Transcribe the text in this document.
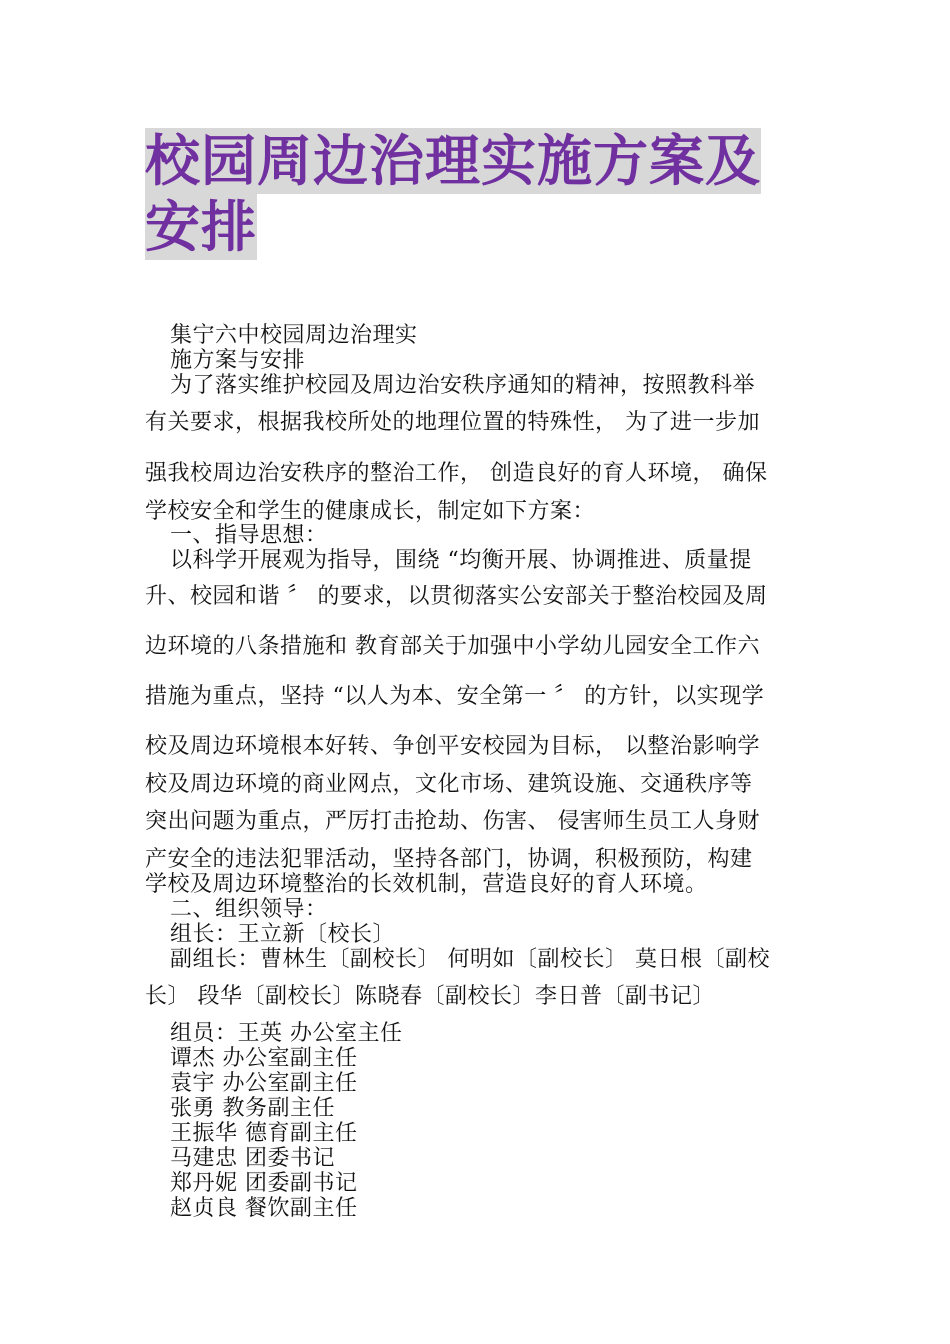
校园周边治理实施方案及
安排
集宁六中校园周边治理实
施方案与安排
为了落实维护校园及周边治安秩序通知的精神，按照教科举
有关要求，根据我校所处的地理位置的特殊性， 为了进一步加
强我校周边治安秩序的整治工作， 创造良好的育人环境， 确保
学校安全和学生的健康成长，制定如下方案：
一、指导思想：
以科学开展观为指导，围绕 “均衡开展、协调推进、质量提
升、校园和谐 〞 的要求，以贯彻落实公安部关于整治校园及周
边环境的八条措施和 教育部关于加强中小学幼儿园安全工作六
措施为重点，坚持 “以人为本、安全第一 〞 的方针，以实现学
校及周边环境根本好转、争创平安校园为目标， 以整治影响学
校及周边环境的商业网点，文化市场、建筑设施、交通秩序等
突出问题为重点，严厉打击抢劫、伤害、 侵害师生员工人身财
产安全的违法犯罪活动，坚持各部门，协调，积极预防，构建
学校及周边环境整治的长效机制，营造良好的育人环境。
二、组织领导：
组长：王立新〔校长〕
副组长：曹林生〔副校长〕 何明如〔副校长〕 莫日根〔副校
长〕 段华〔副校长〕陈晓春〔副校长〕李日普〔副书记〕
组员：王英 办公室主任
谭杰 办公室副主任
袁宇 办公室副主任
张勇 教务副主任
王振华 德育副主任
马建忠 团委书记
郑丹妮 团委副书记
赵贞良 餐饮副主任
